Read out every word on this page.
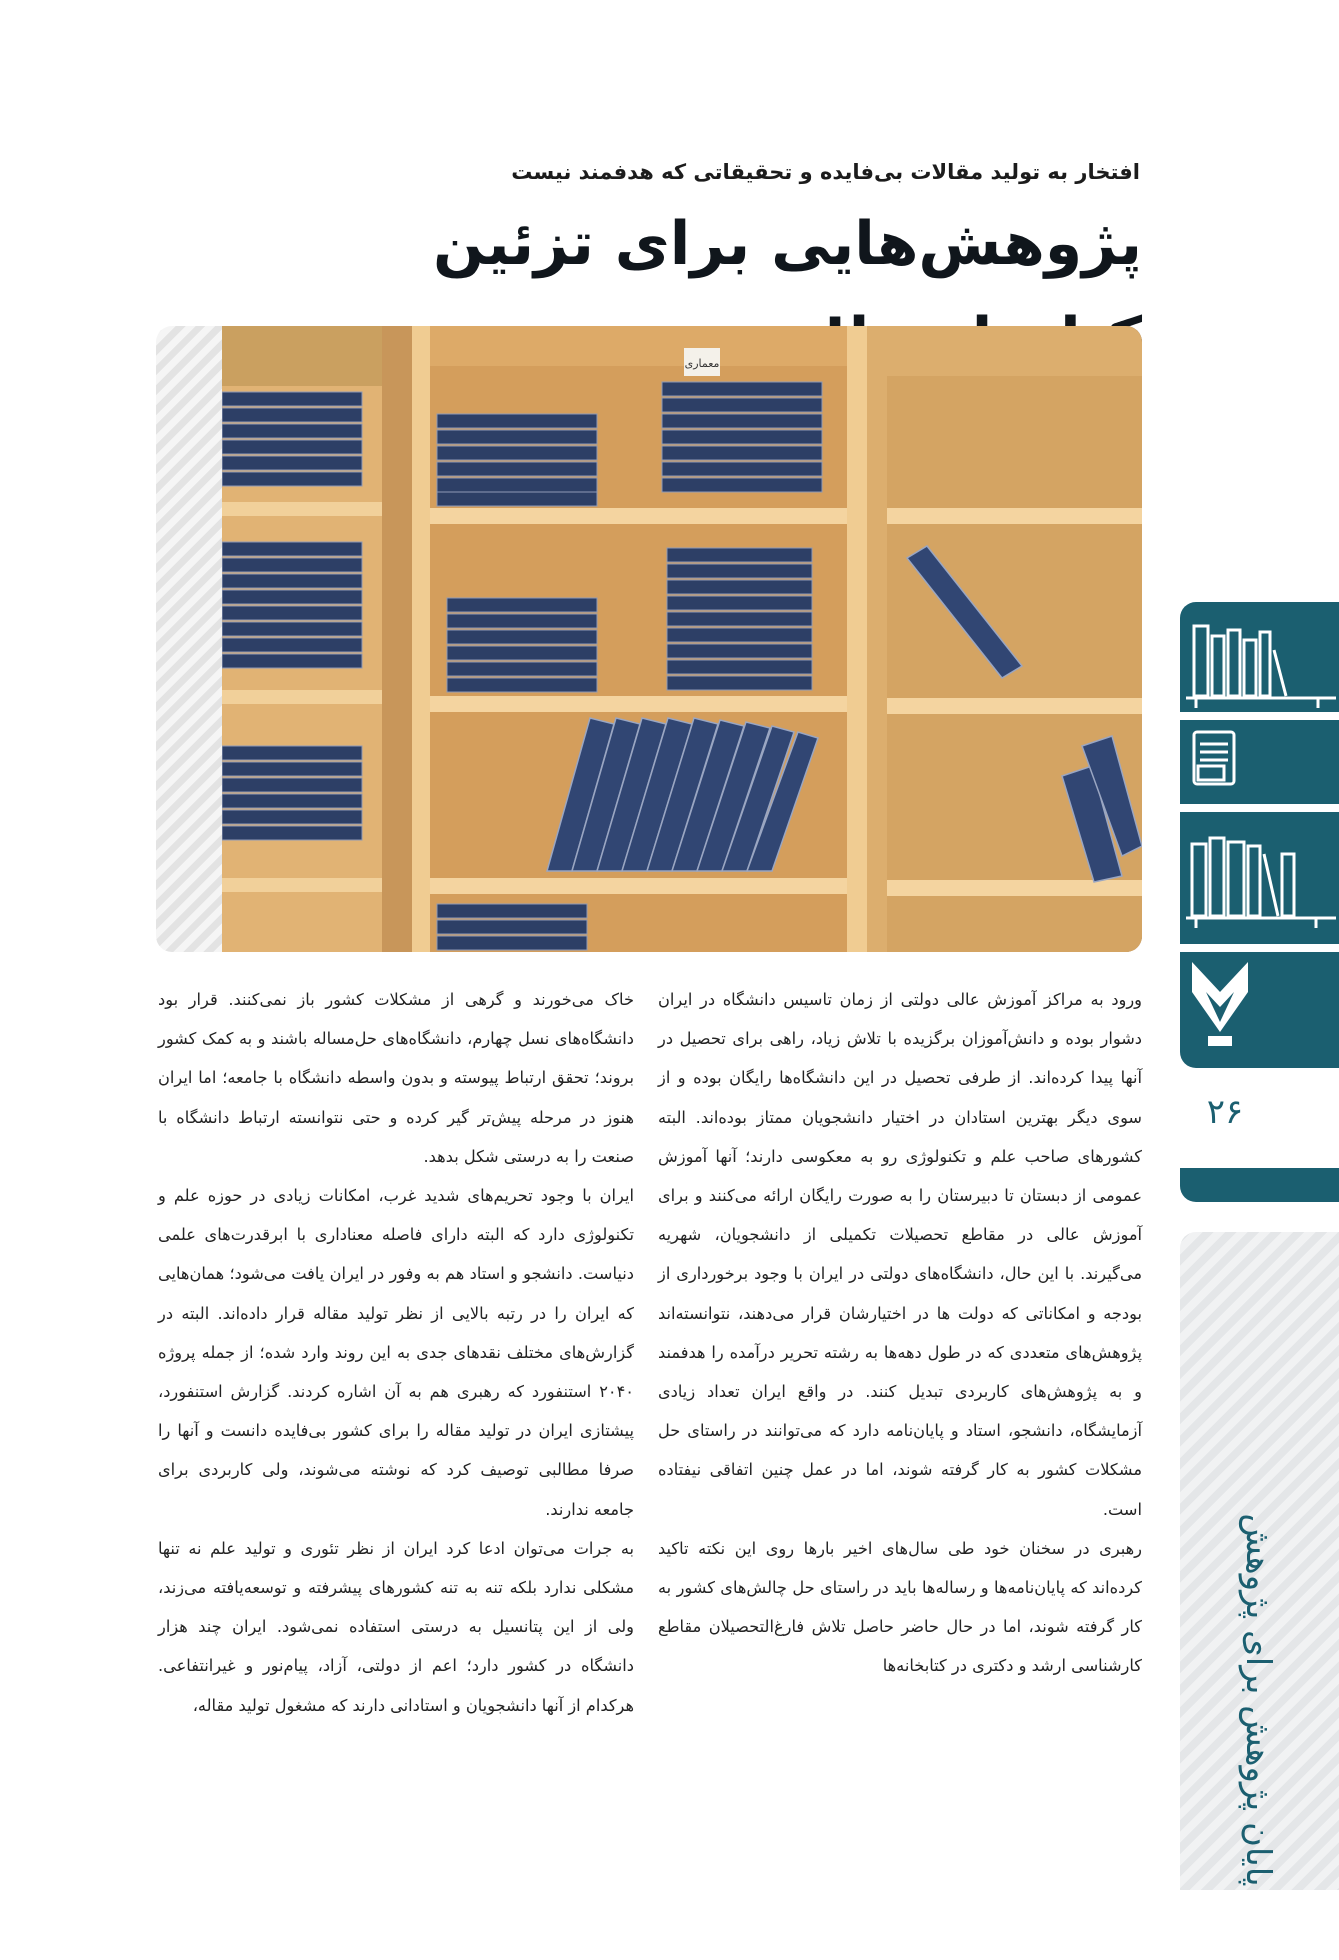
افتخار به تولید مقالات بی‌فایده و تحقیقاتی که هدفمند نیست
پژوهش‌هایی برای تزئین
معماری

ورود به مراکز آموزش عالی دولتی از زمان تاسیس دانشگاه در ایران دشوار بوده و دانش‌آموزان برگزیده با تلاش زیاد، راهی برای تحصیل در آنها پیدا کرده‌اند. از طرفی تحصیل در این دانشگاه‌ها رایگان بوده و از سوی دیگر بهترین استادان در اختیار دانشجویان ممتاز بوده‌اند. البته کشورهای صاحب علم و تکنولوژی رو به معکوسی دارند؛ آنها آموزش عمومی از دبستان تا دبیرستان را به صورت رایگان ارائه می‌کنند و برای آموزش عالی در مقاطع تحصیلات تکمیلی از دانشجویان، شهریه می‌گیرند. با این حال، دانشگاه‌های دولتی در ایران با وجود برخورداری از بودجه و امکاناتی که دولت ها در اختیارشان قرار می‌دهند، نتوانسته‌اند پژوهش‌های متعددی که در طول دهه‌ها به رشته تحریر درآمده را هدفمند و به پژوهش‌های کاربردی تبدیل کنند. در واقع ایران تعداد زیادی آزمایشگاه، دانشجو، استاد و پایان‌نامه دارد که می‌توانند در راستای حل مشکلات کشور به کار گرفته شوند، اما در عمل چنین اتفاقی نیفتاده است.

رهبری در سخنان خود طی سال‌های اخیر بارها روی این نکته تاکید کرده‌اند که پایان‌نامه‌ها و رساله‌ها باید در راستای حل چالش‌های کشور به کار گرفته شوند، اما در حال حاضر حاصل تلاش فارغ‌التحصیلان مقاطع کارشناسی ارشد و دکتری در کتابخانه‌ها

خاک می‌خورند و گرهی از مشکلات کشور باز نمی‌کنند. قرار بود دانشگاه‌های نسل چهارم، دانشگاه‌های حل‌مساله باشند و به کمک کشور بروند؛ تحقق ارتباط پیوسته و بدون واسطه دانشگاه با جامعه؛ اما ایران هنوز در مرحله پیش‌تر گیر کرده و حتی نتوانسته ارتباط دانشگاه با صنعت را به درستی شکل بدهد.

ایران با وجود تحریم‌های شدید غرب، امکانات زیادی در حوزه علم و تکنولوژی دارد که البته دارای فاصله معناداری با ابرقدرت‌های علمی دنیاست. دانشجو و استاد هم به وفور در ایران یافت می‌شود؛ همان‌هایی که ایران را در رتبه بالایی از نظر تولید مقاله قرار داده‌اند. البته در گزارش‌های مختلف نقدهای جدی به این روند وارد شده؛ از جمله پروژه ۲۰۴۰ استنفورد که رهبری هم به آن اشاره کردند. گزارش استنفورد، پیشتازی ایران در تولید مقاله را برای کشور بی‌فایده دانست و آنها را صرفا مطالبی توصیف کرد که نوشته می‌شوند، ولی کاربردی برای جامعه ندارند.

به جرات می‌توان ادعا کرد ایران از نظر تئوری و تولید علم نه تنها مشکلی ندارد بلکه تنه به تنه کشورهای پیشرفته و توسعه‌یافته می‌زند، ولی از این پتانسیل به درستی استفاده نمی‌شود. ایران چند هزار دانشگاه در کشور دارد؛ اعم از دولتی، آزاد، پیام‌نور و غیرانتفاعی. هرکدام از آنها دانشجویان و استادانی دارند که مشغول تولید مقاله،

۲۶
پایان پژوهش برای پژوهش
